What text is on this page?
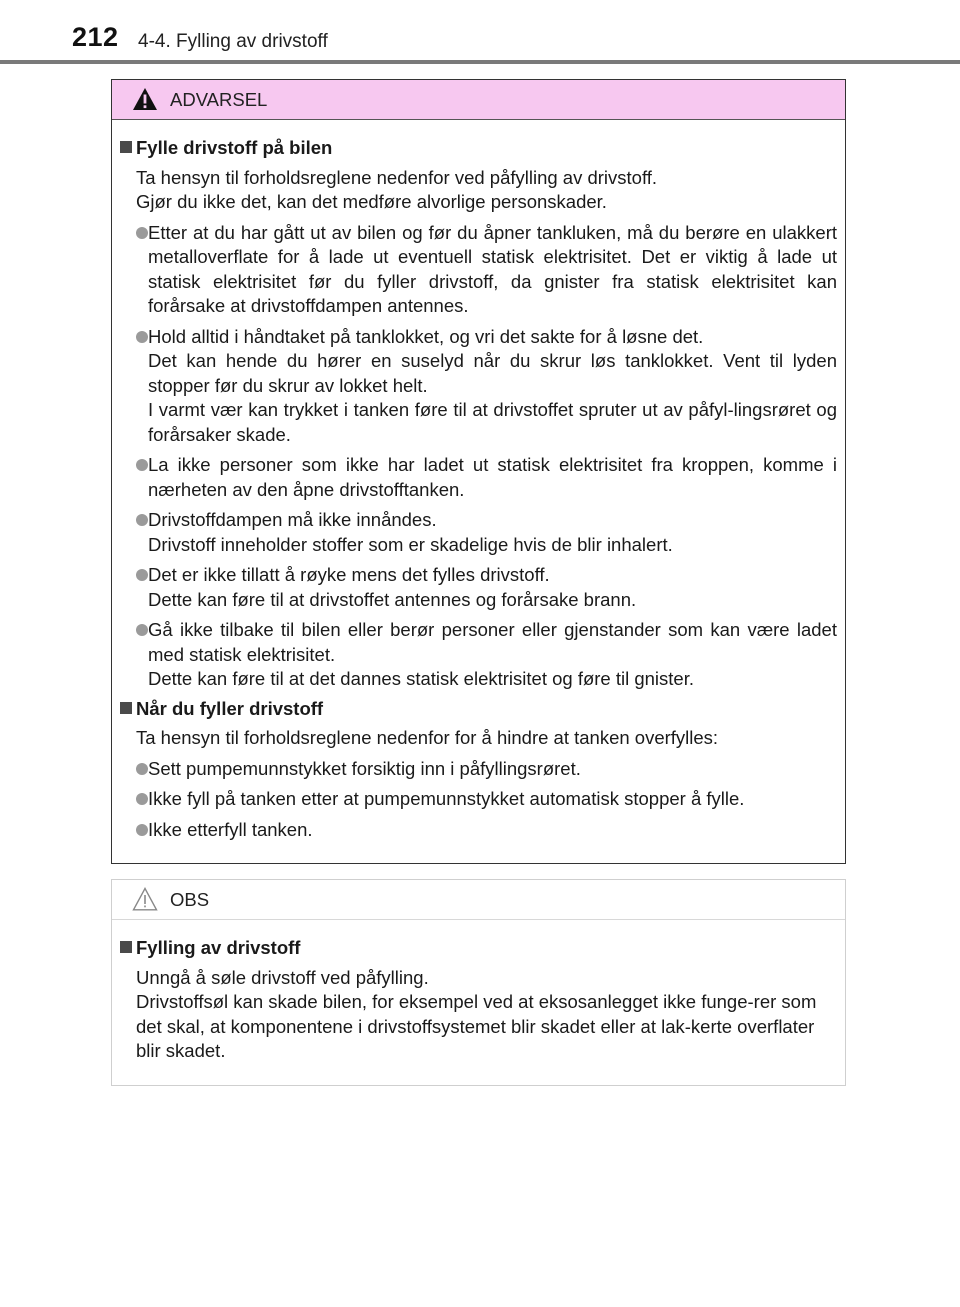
212 4-4. Fylling av drivstoff
ADVARSEL
Fylle drivstoff på bilen
Ta hensyn til forholdsreglene nedenfor ved påfylling av drivstoff.
Gjør du ikke det, kan det medføre alvorlige personskader.

Etter at du har gått ut av bilen og før du åpner tankluken, må du berøre en ulakkert metalloverflate for å lade ut eventuell statisk elektrisitet. Det er viktig å lade ut statisk elektrisitet før du fyller drivstoff, da gnister fra statisk elektrisitet kan forårsake at drivstoffdampen antennes.

Hold alltid i håndtaket på tanklokket, og vri det sakte for å løsne det.

Det kan hende du hører en suselyd når du skrur løs tanklokket. Vent til lyden stopper før du skrur av lokket helt.

I varmt vær kan trykket i tanken føre til at drivstoffet spruter ut av påfyl-lingsrøret og forårsaker skade.

La ikke personer som ikke har ladet ut statisk elektrisitet fra kroppen, komme i nærheten av den åpne drivstofftanken.

Drivstoffdampen må ikke innåndes.

Drivstoff inneholder stoffer som er skadelige hvis de blir inhalert.

Det er ikke tillatt å røyke mens det fylles drivstoff.

Dette kan føre til at drivstoffet antennes og forårsake brann.

Gå ikke tilbake til bilen eller berør personer eller gjenstander som kan være ladet med statisk elektrisitet.

Dette kan føre til at det dannes statisk elektrisitet og føre til gnister.

Når du fyller drivstoff
Ta hensyn til forholdsreglene nedenfor for å hindre at tanken overfylles:

Sett pumpemunnstykket forsiktig inn i påfyllingsrøret.

Ikke fyll på tanken etter at pumpemunnstykket automatisk stopper å fylle.

Ikke etterfyll tanken.

OBS
Fylling av drivstoff
Unngå å søle drivstoff ved påfylling.
Drivstoffsøl kan skade bilen, for eksempel ved at eksosanlegget ikke funge-rer som det skal, at komponentene i drivstoffsystemet blir skadet eller at lak-kerte overflater blir skadet.
